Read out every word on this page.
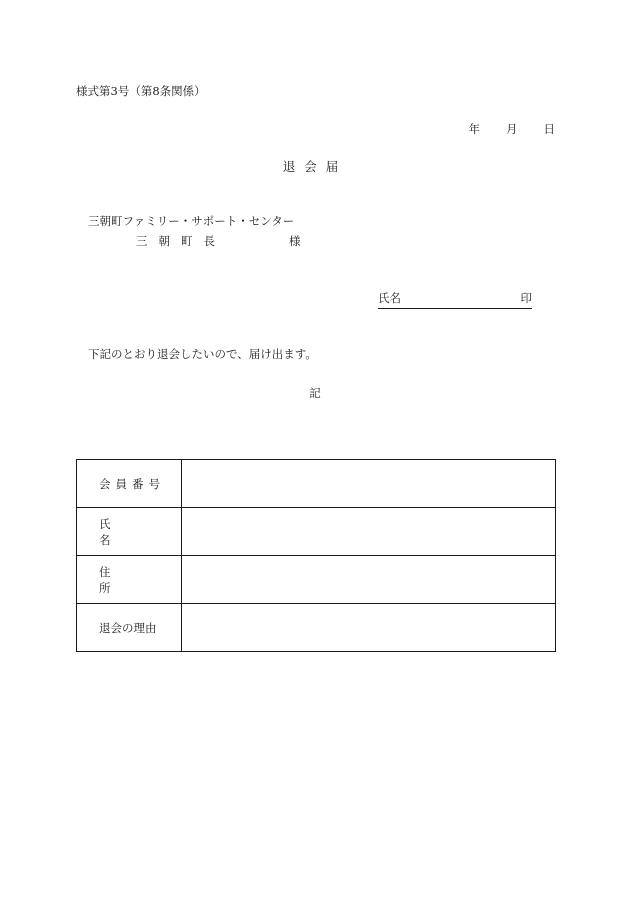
様式第3号（第8条関係）
年 月 日
退会届
三朝町ファミリー・サポート・センター
三朝町長	様
氏名	印
下記のとおり退会したいので、届け出ます。
記
会員番号	
氏名	
住所	
退会の理由	
